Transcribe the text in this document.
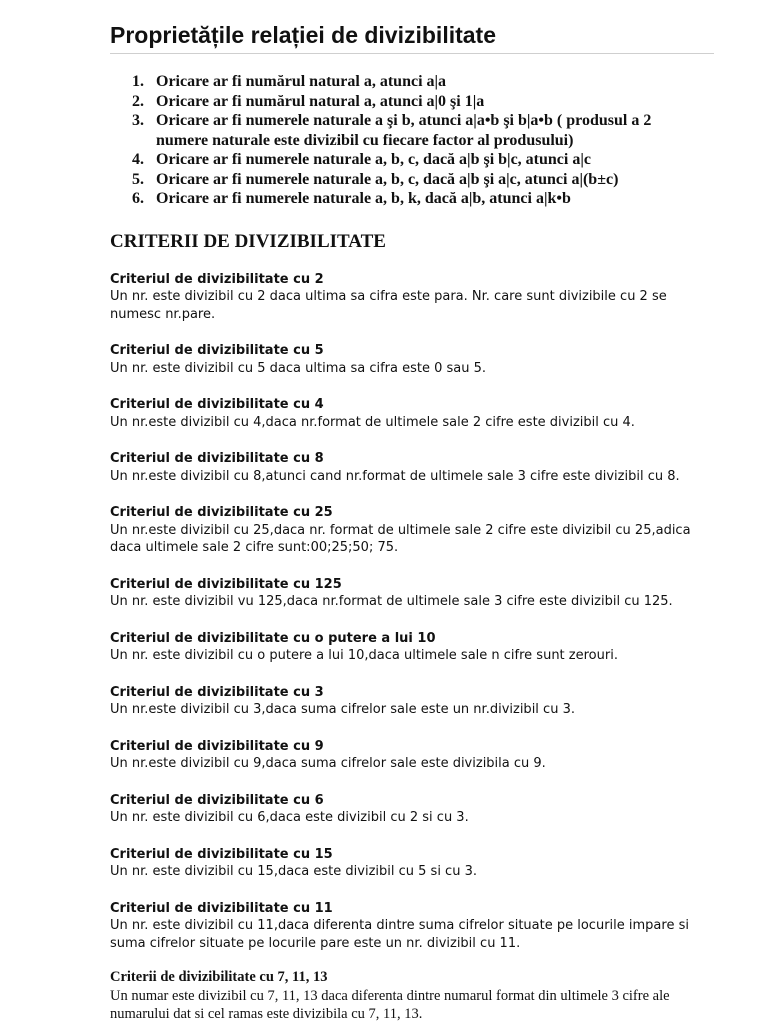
Proprietățile relației de divizibilitate
1. Oricare ar fi numărul natural a, atunci a|a
2. Oricare ar fi numărul natural a, atunci a|0 şi 1|a
3. Oricare ar fi numerele naturale a şi b, atunci a|a•b şi b|a•b ( produsul a 2
numere naturale este divizibil cu fiecare factor al produsului)
4. Oricare ar fi numerele naturale a, b, c, dacă a|b şi b|c, atunci a|c
5. Oricare ar fi numerele naturale a, b, c, dacă a|b şi a|c, atunci a|(b±c)
6. Oricare ar fi numerele naturale a, b, k, dacă a|b, atunci a|k•b
CRITERII DE DIVIZIBILITATE
Criteriul de divizibilitate cu 2
Un nr. este divizibil cu 2 daca ultima sa cifra este para. Nr. care sunt divizibile cu 2 se numesc nr.pare.
Criteriul de divizibilitate cu 5
Un nr. este divizibil cu 5 daca ultima sa cifra este 0 sau 5.
Criteriul de divizibilitate cu 4
Un nr.este divizibil cu 4,daca nr.format de ultimele sale 2 cifre este divizibil cu 4.
Criteriul de divizibilitate cu 8
Un nr.este divizibil cu 8,atunci cand nr.format de ultimele sale 3 cifre este divizibil cu 8.
Criteriul de divizibilitate cu 25
Un nr.este divizibil cu 25,daca nr. format de ultimele sale 2 cifre este divizibil cu 25,adica daca ultimele sale 2 cifre sunt:00;25;50; 75.
Criteriul de divizibilitate cu 125
Un nr. este divizibil vu 125,daca nr.format de ultimele sale 3 cifre este divizibil cu 125.
Criteriul de divizibilitate cu o putere a lui 10
Un nr. este divizibil cu o putere a lui 10,daca ultimele sale n cifre sunt zerouri.
Criteriul de divizibilitate cu 3
Un nr.este divizibil cu 3,daca suma cifrelor sale este un nr.divizibil cu 3.
Criteriul de divizibilitate cu 9
Un nr.este divizibil cu 9,daca suma cifrelor sale este divizibila cu 9.
Criteriul de divizibilitate cu 6
Un nr. este divizibil cu 6,daca este divizibil cu 2 si cu 3.
Criteriul de divizibilitate cu 15
Un nr. este divizibil cu 15,daca este divizibil cu 5 si cu 3.
Criteriul de divizibilitate cu 11
Un nr. este divizibil cu 11,daca diferenta dintre suma cifrelor situate pe locurile impare si suma cifrelor situate pe locurile pare este un nr. divizibil cu 11.
Criterii de divizibilitate cu 7, 11, 13
Un numar este divizibil cu 7, 11, 13 daca diferenta dintre numarul format din ultimele 3 cifre ale numarului dat si cel ramas este divizibila cu 7, 11, 13.
